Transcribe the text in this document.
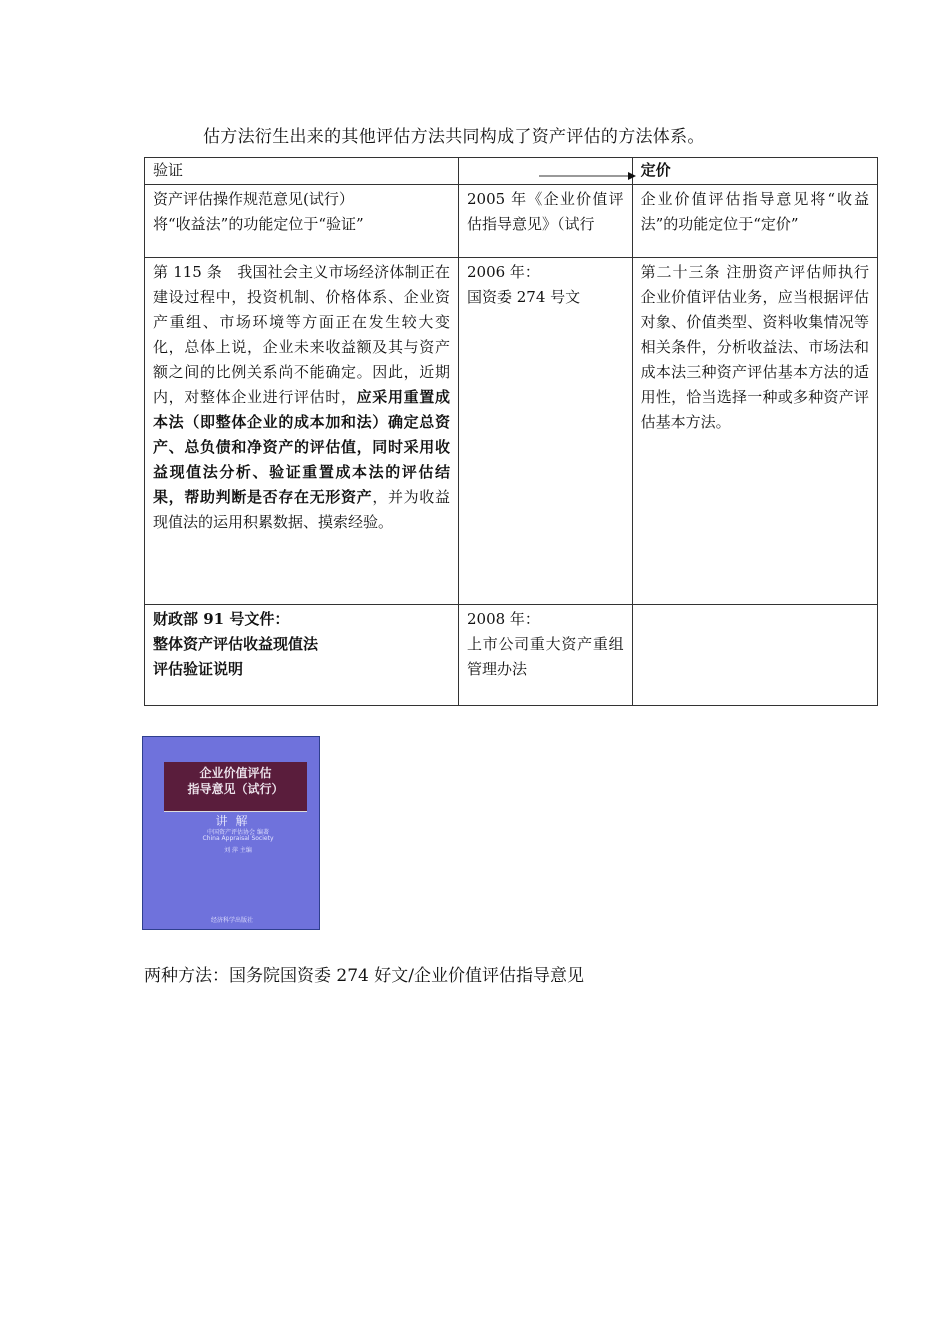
估方法衍生出来的其他评估方法共同构成了资产评估的方法体系。
验证		定价

资产评估操作规范意见(试行）
将“收益法”的功能定位于“验证”	2005 年《企业价值评估指导意见》（试行	企业价值评估指导意见将“收益法”的功能定位于“定价”
第 115 条　我国社会主义市场经济体制正在建设过程中，投资机制、价格体系、企业资产重组、市场环境等方面正在发生较大变化，总体上说，企业未来收益额及其与资产额之间的比例关系尚不能确定。因此，近期内，对整体企业进行评估时，应采用重置成本法（即整体企业的成本加和法）确定总资产、总负债和净资产的评估值，同时采用收益现值法分析、验证重置成本法的评估结果，帮助判断是否存在无形资产，并为收益现值法的运用积累数据、摸索经验。	2006 年：
国资委 274 号文	第二十三条 注册资产评估师执行企业价值评估业务，应当根据评估对象、价值类型、资料收集情况等相关条件，分析收益法、市场法和成本法三种资产评估基本方法的适用性，恰当选择一种或多种资产评估基本方法。

财政部 91 号文件：
整体资产评估收益现值法
评估验证说明	2008 年：
上市公司重大资产重组管理办法	

企业价值评估
指导意见（试行）
讲解
中国资产评估协会 编著
China Appraisal Society
刘 萍 主编
经济科学出版社
两种方法：国务院国资委 274 好文/企业价值评估指导意见
